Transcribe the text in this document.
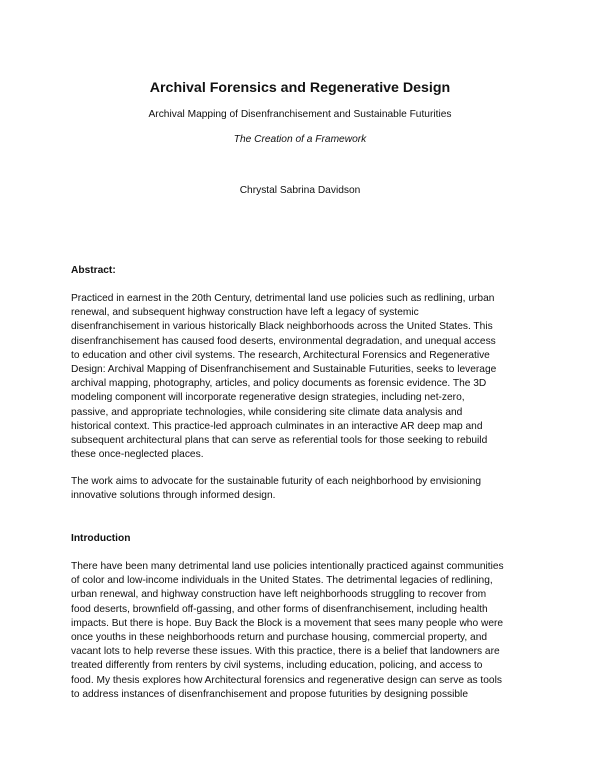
Archival Forensics and Regenerative Design
Archival Mapping of Disenfranchisement and Sustainable Futurities
The Creation of a Framework
Chrystal Sabrina Davidson
Abstract:
Practiced in earnest in the 20th Century, detrimental land use policies such as redlining, urban
renewal, and subsequent highway construction have left a legacy of systemic
disenfranchisement in various historically Black neighborhoods across the United States. This
disenfranchisement has caused food deserts, environmental degradation, and unequal access
to education and other civil systems. The research, Architectural Forensics and Regenerative
Design: Archival Mapping of Disenfranchisement and Sustainable Futurities, seeks to leverage
archival mapping, photography, articles, and policy documents as forensic evidence. The 3D
modeling component will incorporate regenerative design strategies, including net-zero,
passive, and appropriate technologies, while considering site climate data analysis and
historical context. This practice-led approach culminates in an interactive AR deep map and
subsequent architectural plans that can serve as referential tools for those seeking to rebuild
these once-neglected places.
The work aims to advocate for the sustainable futurity of each neighborhood by envisioning
innovative solutions through informed design.
Introduction
There have been many detrimental land use policies intentionally practiced against communities
of color and low-income individuals in the United States. The detrimental legacies of redlining,
urban renewal, and highway construction have left neighborhoods struggling to recover from
food deserts, brownfield off-gassing, and other forms of disenfranchisement, including health
impacts. But there is hope. Buy Back the Block is a movement that sees many people who were
once youths in these neighborhoods return and purchase housing, commercial property, and
vacant lots to help reverse these issues. With this practice, there is a belief that landowners are
treated differently from renters by civil systems, including education, policing, and access to
food. My thesis explores how Architectural forensics and regenerative design can serve as tools
to address instances of disenfranchisement and propose futurities by designing possible
